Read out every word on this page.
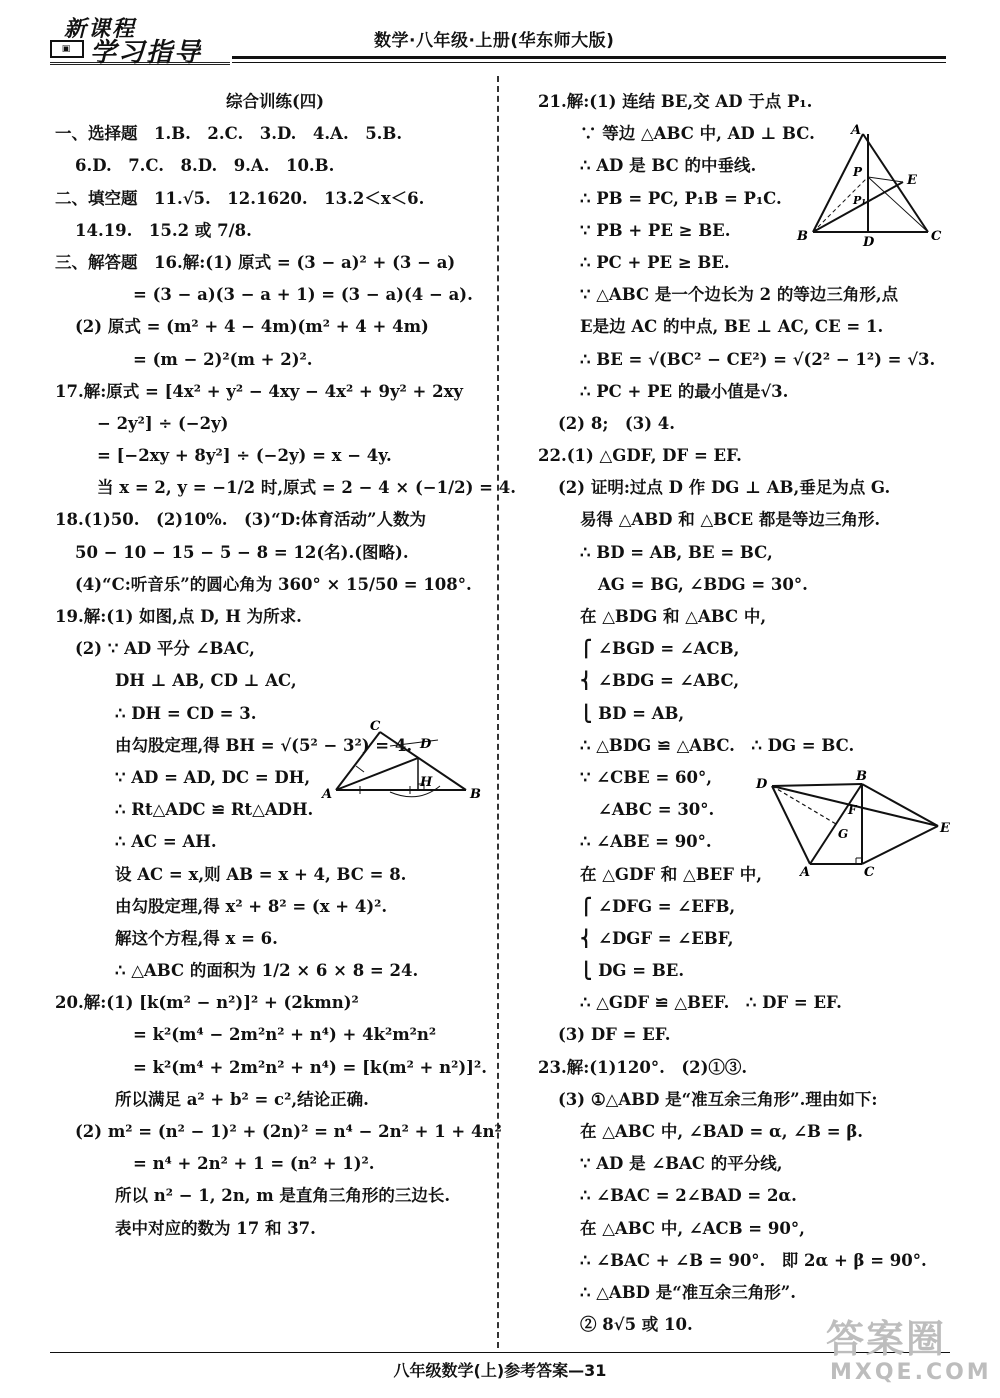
新课程
学习指导
▣	数学·八年级·上册(华东师大版)
综合训练(四)
一、选择题　1.B.　2.C.　3.D.　4.A.　5.B.
6.D.　7.C.　8.D.　9.A.　10.B.
二、填空题　11.√5.　12.1620.　13.2＜x＜6.
14.19.　15.2 或 7/8.
三、解答题　16.解:(1) 原式 = (3 − a)² + (3 − a)
= (3 − a)(3 − a + 1) = (3 − a)(4 − a).
(2) 原式 = (m² + 4 − 4m)(m² + 4 + 4m)
= (m − 2)²(m + 2)².
17.解:原式 = [4x² + y² − 4xy − 4x² + 9y² + 2xy
− 2y²] ÷ (−2y)
= [−2xy + 8y²] ÷ (−2y) = x − 4y.
当 x = 2, y = −1/2 时,原式 = 2 − 4 × (−1/2) = 4.
18.(1)50.　(2)10%.　(3)“D:体育活动”人数为
50 − 10 − 15 − 5 − 8 = 12(名).(图略).
(4)“C:听音乐”的圆心角为 360° × 15/50 = 108°.
19.解:(1) 如图,点 D, H 为所求.
(2) ∵ AD 平分 ∠BAC,
DH ⊥ AB, CD ⊥ AC,
∴ DH = CD = 3.
由勾股定理,得 BH = √(5² − 3²) = 4.
∵ AD = AD, DC = DH,
∴ Rt△ADC ≌ Rt△ADH.
∴ AC = AH.
设 AC = x,则 AB = x + 4, BC = 8.
由勾股定理,得 x² + 8² = (x + 4)².
解这个方程,得 x = 6.
∴ △ABC 的面积为 1/2 × 6 × 8 = 24.
20.解:(1) [k(m² − n²)]² + (2kmn)²
= k²(m⁴ − 2m²n² + n⁴) + 4k²m²n²
= k²(m⁴ + 2m²n² + n⁴) = [k(m² + n²)]².
所以满足 a² + b² = c²,结论正确.
(2) m² = (n² − 1)² + (2n)² = n⁴ − 2n² + 1 + 4n²
= n⁴ + 2n² + 1 = (n² + 1)².
所以 n² − 1, 2n, m 是直角三角形的三边长.
表中对应的数为 17 和 37.
21.解:(1) 连结 BE,交 AD 于点 P₁.
∵ 等边 △ABC 中, AD ⊥ BC.
∴ AD 是 BC 的中垂线.
∴ PB = PC, P₁B = P₁C.
∵ PB + PE ≥ BE.
∴ PC + PE ≥ BE.
∵ △ABC 是一个边长为 2 的等边三角形,点
E是边 AC 的中点, BE ⊥ AC, CE = 1.
∴ BE = √(BC² − CE²) = √(2² − 1²) = √3.
∴ PC + PE 的最小值是√3.
(2) 8;　(3) 4.
22.(1) △GDF, DF = EF.
(2) 证明:过点 D 作 DG ⊥ AB,垂足为点 G.
易得 △ABD 和 △BCE 都是等边三角形.
∴ BD = AB, BE = BC,
AG = BG, ∠BDG = 30°.
在 △BDG 和 △ABC 中,
⎧ ∠BGD = ∠ACB,
⎨ ∠BDG = ∠ABC,
⎩ BD = AB,
∴ △BDG ≌ △ABC.　∴ DG = BC.
∵ ∠CBE = 60°,
∠ABC = 30°.
∴ ∠ABE = 90°.
在 △GDF 和 △BEF 中,
⎧ ∠DFG = ∠EFB,
⎨ ∠DGF = ∠EBF,
⎩ DG = BE.
∴ △GDF ≌ △BEF.　∴ DF = EF.
(3) DF = EF.
23.解:(1)120°.　(2)①③.
(3) ①△ABD 是“准互余三角形”.理由如下:
在 △ABC 中, ∠BAD = α, ∠B = β.
∵ AD 是 ∠BAC 的平分线,
∴ ∠BAC = 2∠BAD = 2α.
在 △ABC 中, ∠ACB = 90°,
∴ ∠BAC + ∠B = 90°.　即 2α + β = 90°.
∴ △ABD 是“准互余三角形”.
② 8√5 或 10.
C
D
H
A	B
A
P
P₁
E
B	D	C
D
B
F
G	E
A	C
八年级数学(上)参考答案—31
答案圈
MXQE.COM
